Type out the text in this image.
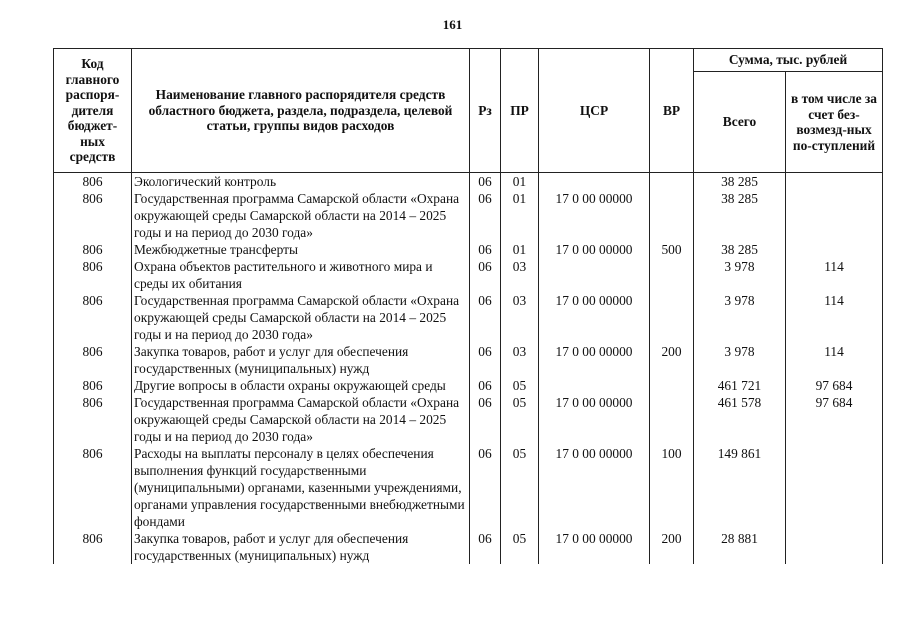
161
Код главного распоря-дителя бюджет-ных средств	Наименование главного распорядителя средств областного бюджета, раздела, подраздела, целевой статьи, группы видов расходов	Рз	ПР	ЦСР	ВР	Сумма, тыс. рублей	
						Всего	в том числе за счет без-возмезд-ных по-ступлений
806	Экологический контроль	06	01			38 285	
806	Государственная программа Самарской области «Охрана окружающей среды Самарской области на 2014 – 2025 годы и на период до 2030 года»	06	01	17 0 00 00000		38 285	
806	Межбюджетные трансферты	06	01	17 0 00 00000	500	38 285	
806	Охрана объектов растительного и животного мира и среды их обитания	06	03			3 978	114
806	Государственная программа Самарской области «Охрана окружающей среды Самарской области на 2014 – 2025 годы и на период до 2030 года»	06	03	17 0 00 00000		3 978	114
806	Закупка товаров, работ и услуг для обеспечения государственных (муниципальных) нужд	06	03	17 0 00 00000	200	3 978	114
806	Другие вопросы в области охраны окружающей среды	06	05			461 721	97 684
806	Государственная программа Самарской области «Охрана окружающей среды Самарской области на 2014 – 2025 годы и на период до 2030 года»	06	05	17 0 00 00000		461 578	97 684
806	Расходы на выплаты персоналу в целях обеспечения выполнения функций государственными (муниципальными) органами, казенными учреждениями, органами управления государственными внебюджетными фондами	06	05	17 0 00 00000	100	149 861	
806	Закупка товаров, работ и услуг для обеспечения государственных (муниципальных) нужд	06	05	17 0 00 00000	200	28 881	
